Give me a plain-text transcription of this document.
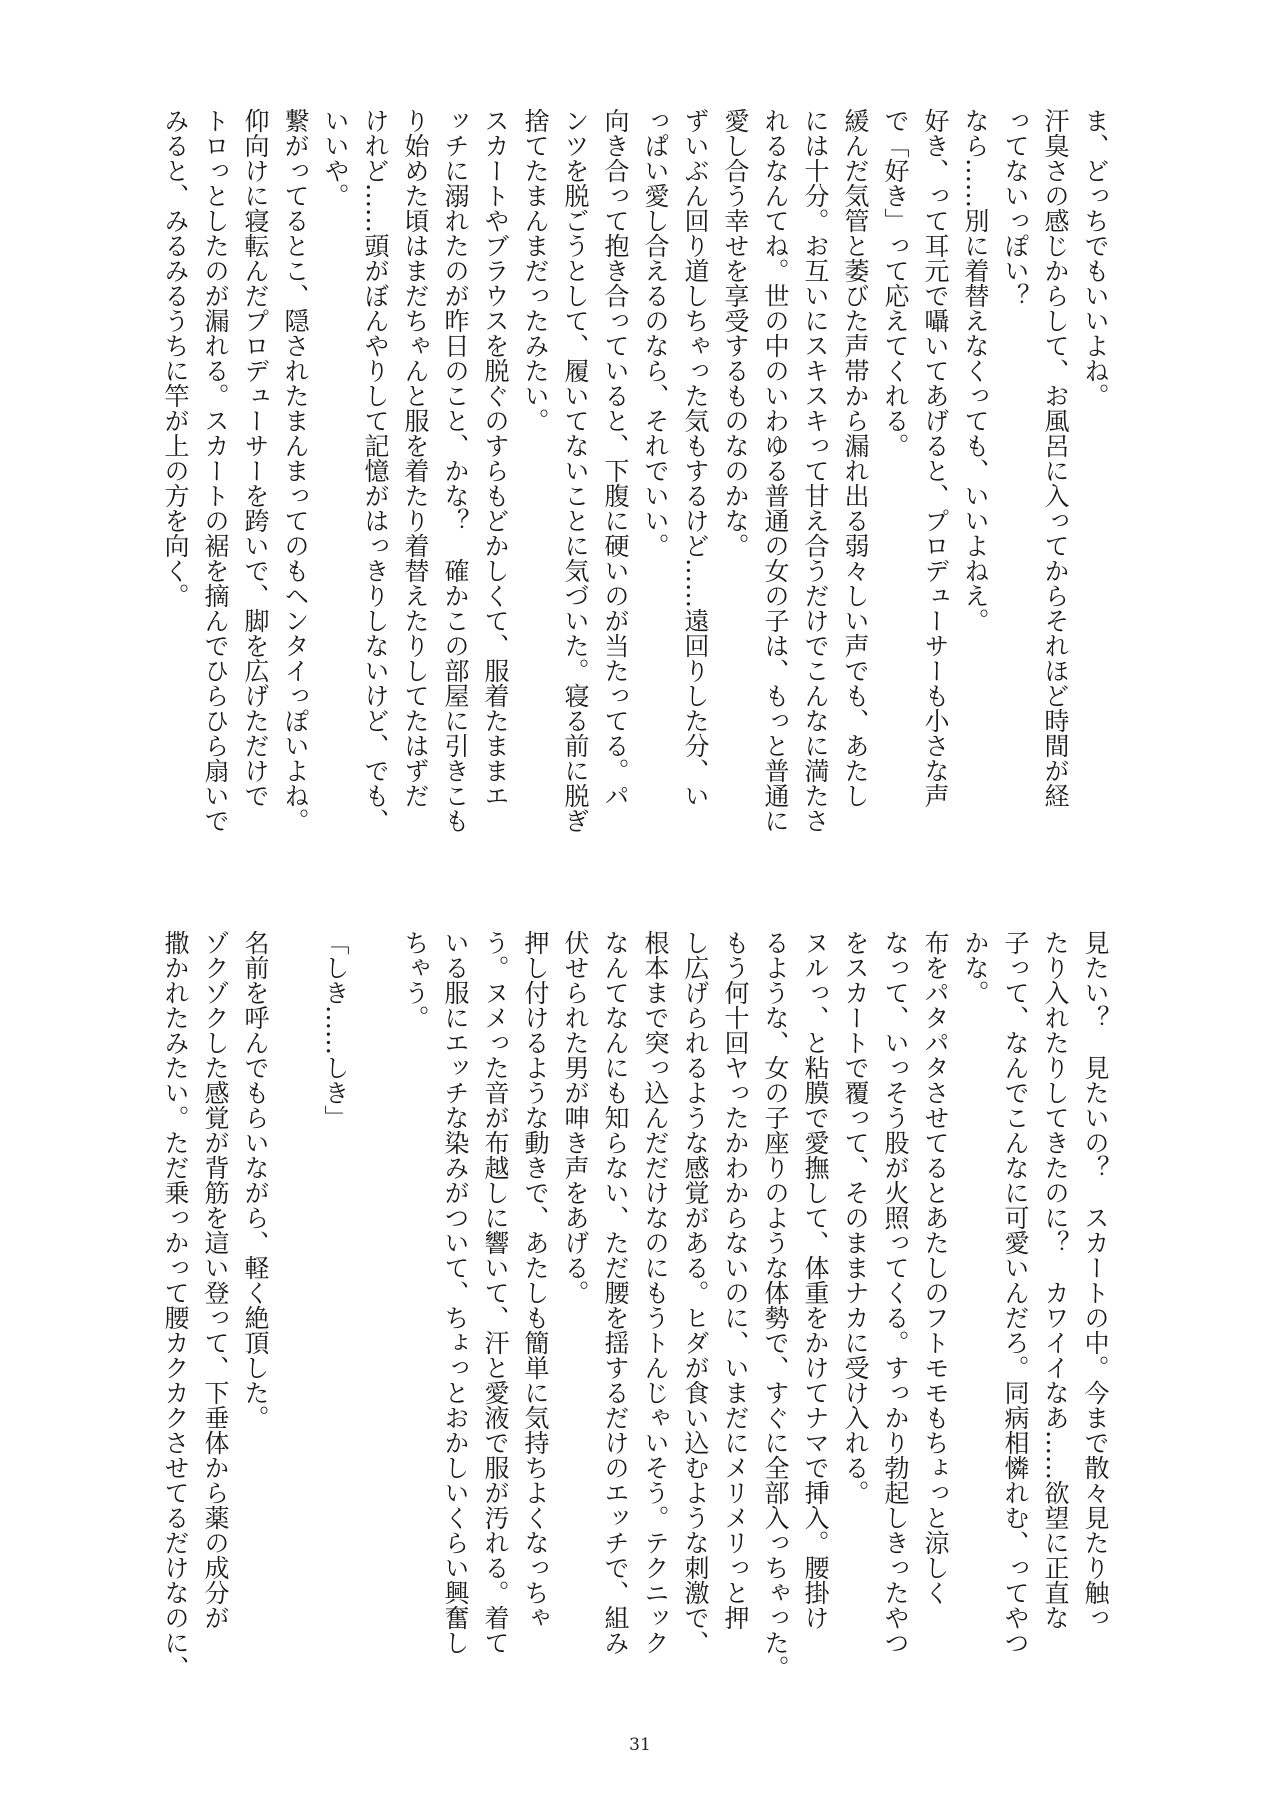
ま、どっちでもいいよね。
汗臭さの感じからして、お風呂に入ってからそれほど時間が経
ってないっぽい？
なら……別に着替えなくっても、いいよねえ。
好き、って耳元で囁いてあげると、プロデューサーも小さな声
で「好き」って応えてくれる。
緩んだ気管と萎びた声帯から漏れ出る弱々しい声でも、あたし
には十分。お互いにスキスキって甘え合うだけでこんなに満たさ
れるなんてね。世の中のいわゆる普通の女の子は、もっと普通に
愛し合う幸せを享受するものなのかな。
ずいぶん回り道しちゃった気もするけど……遠回りした分、い
っぱい愛し合えるのなら、それでいい。
向き合って抱き合っていると、下腹に硬いのが当たってる。パ
ンツを脱ごうとして、履いてないことに気づいた。寝る前に脱ぎ
捨てたまんまだったみたい。
スカートやブラウスを脱ぐのすらもどかしくて、服着たままエ
ッチに溺れたのが昨日のこと、かな？　確かこの部屋に引きこも
り始めた頃はまだちゃんと服を着たり着替えたりしてたはずだ
けれど……頭がぼんやりして記憶がはっきりしないけど、でも、
いいや。
繋がってるとこ、隠されたまんまってのもヘンタイっぽいよね。
仰向けに寝転んだプロデューサーを跨いで、脚を広げただけで
トロっとしたのが漏れる。スカートの裾を摘んでひらひら扇いで
みると、みるみるうちに竿が上の方を向く。
見たい？　見たいの？　スカートの中。今まで散々見たり触っ
たり入れたりしてきたのに？　カワイイなあ……欲望に正直な
子って、なんでこんなに可愛いんだろ。同病相憐れむ、ってやつ
かな。
布をパタパタさせてるとあたしのフトモモもちょっと涼しく
なって、いっそう股が火照ってくる。すっかり勃起しきったやつ
をスカートで覆って、そのままナカに受け入れる。
ヌルっ、と粘膜で愛撫して、体重をかけてナマで挿入。腰掛け
るような、女の子座りのような体勢で、すぐに全部入っちゃった。
もう何十回ヤったかわからないのに、いまだにメリメリっと押
し広げられるような感覚がある。ヒダが食い込むような刺激で、
根本まで突っ込んだだけなのにもうトんじゃいそう。テクニック
なんてなんにも知らない、ただ腰を揺するだけのエッチで、組み
伏せられた男が呻き声をあげる。
押し付けるような動きで、あたしも簡単に気持ちよくなっちゃ
う。ヌメった音が布越しに響いて、汗と愛液で服が汚れる。着て
いる服にエッチな染みがついて、ちょっとおかしいくらい興奮し
ちゃう。
「しき……しき」
名前を呼んでもらいながら、軽く絶頂した。
ゾクゾクした感覚が背筋を這い登って、下垂体から薬の成分が
撒かれたみたい。ただ乗っかって腰カクカクさせてるだけなのに、
31
